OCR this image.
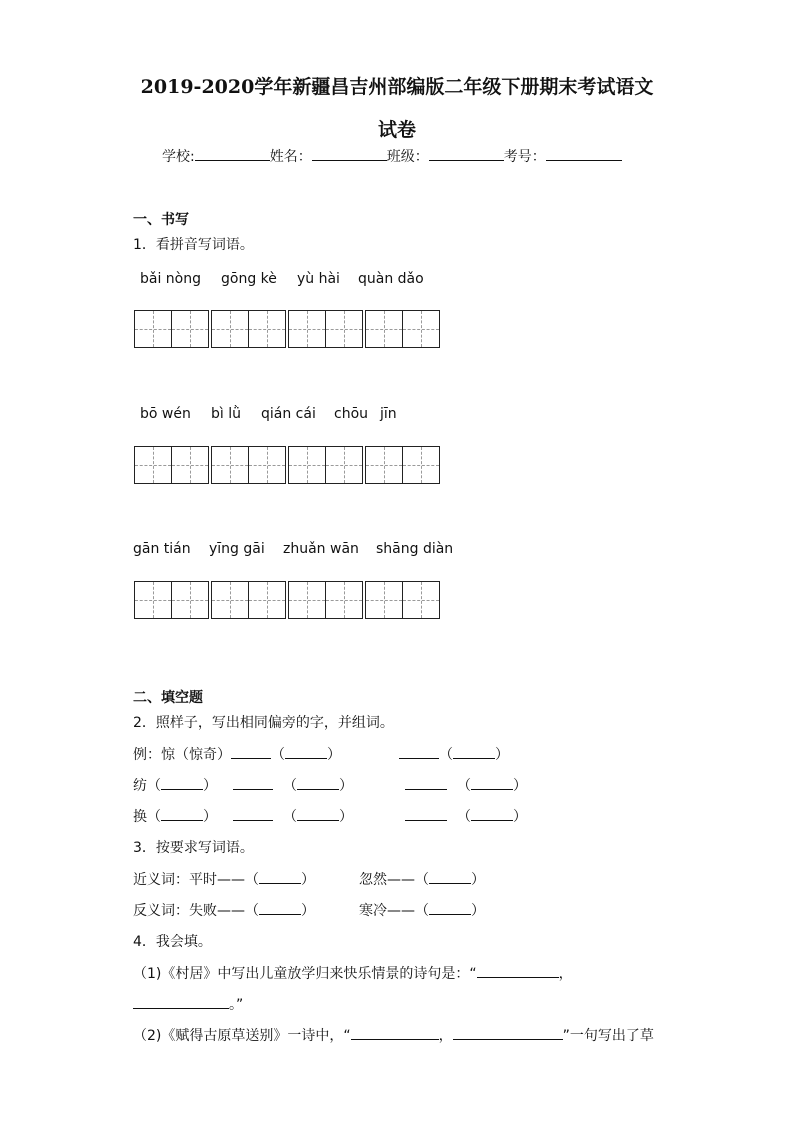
2019-2020学年新疆昌吉州部编版二年级下册期末考试语文
试卷
学校:	姓名：	班级：	考号：
一、书写
1．看拼音写词语。
bǎi nòng gōng kè yù hài quàn dǎo
bō wén bì lǜ qián cái chōu jīn
gān tián yīng gāi zhuǎn wān shāng diàn
二、填空题
2．照样子，写出相同偏旁的字，并组词。
例：惊（惊奇）	（	）	（	）
纺（	）	（	）	（	）
换（	）	（	）	（	）
3．按要求写词语。
近义词：平时——（	）	忽然——（	）
反义词：失败——（	）	寒冷——（	）
4．我会填。
（1)《村居》中写出儿童放学归来快乐情景的诗句是：“	，
。”
（2)《赋得古原草送别》一诗中，“	，	”一句写出了草
